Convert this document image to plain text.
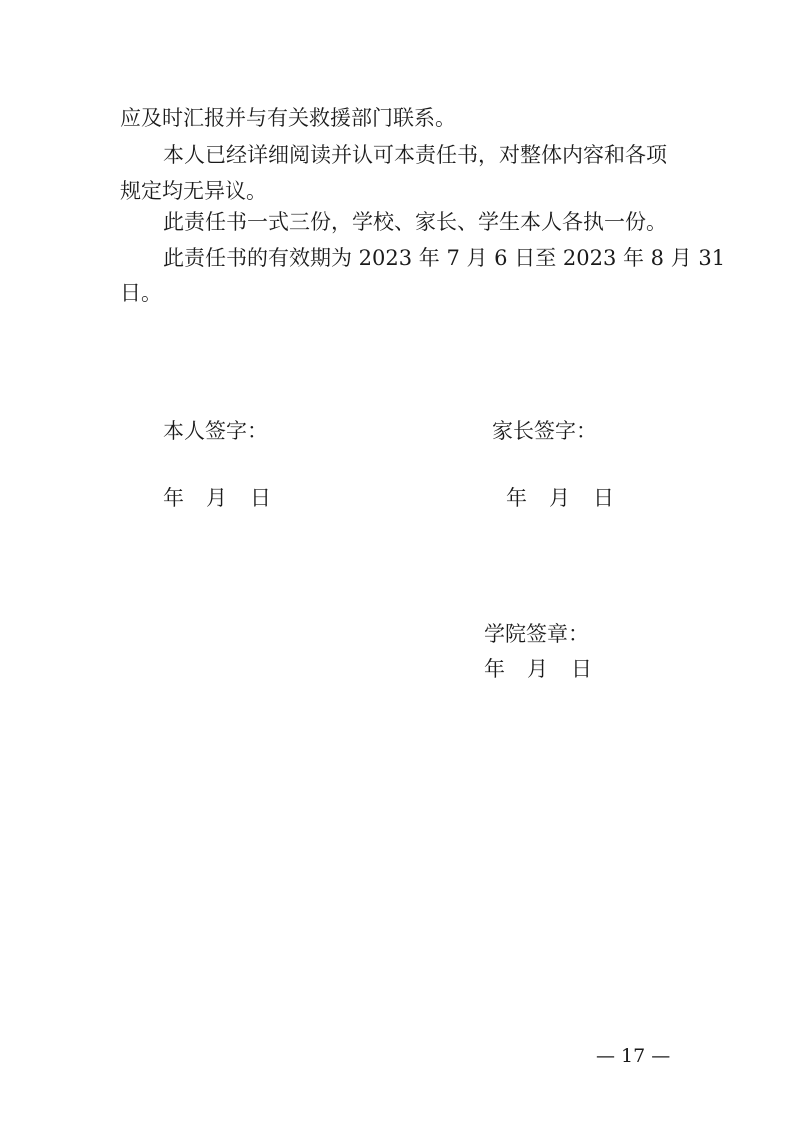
应及时汇报并与有关救援部门联系。
本人已经详细阅读并认可本责任书，对整体内容和各项
规定均无异议。
此责任书一式三份，学校、家长、学生本人各执一份。
此责任书的有效期为 2023 年 7 月 6 日至 2023 年 8 月 31
日。
本人签字：	家长签字：
年 月 日	年 月 日
学院签章：
年 月 日
— 17 —
